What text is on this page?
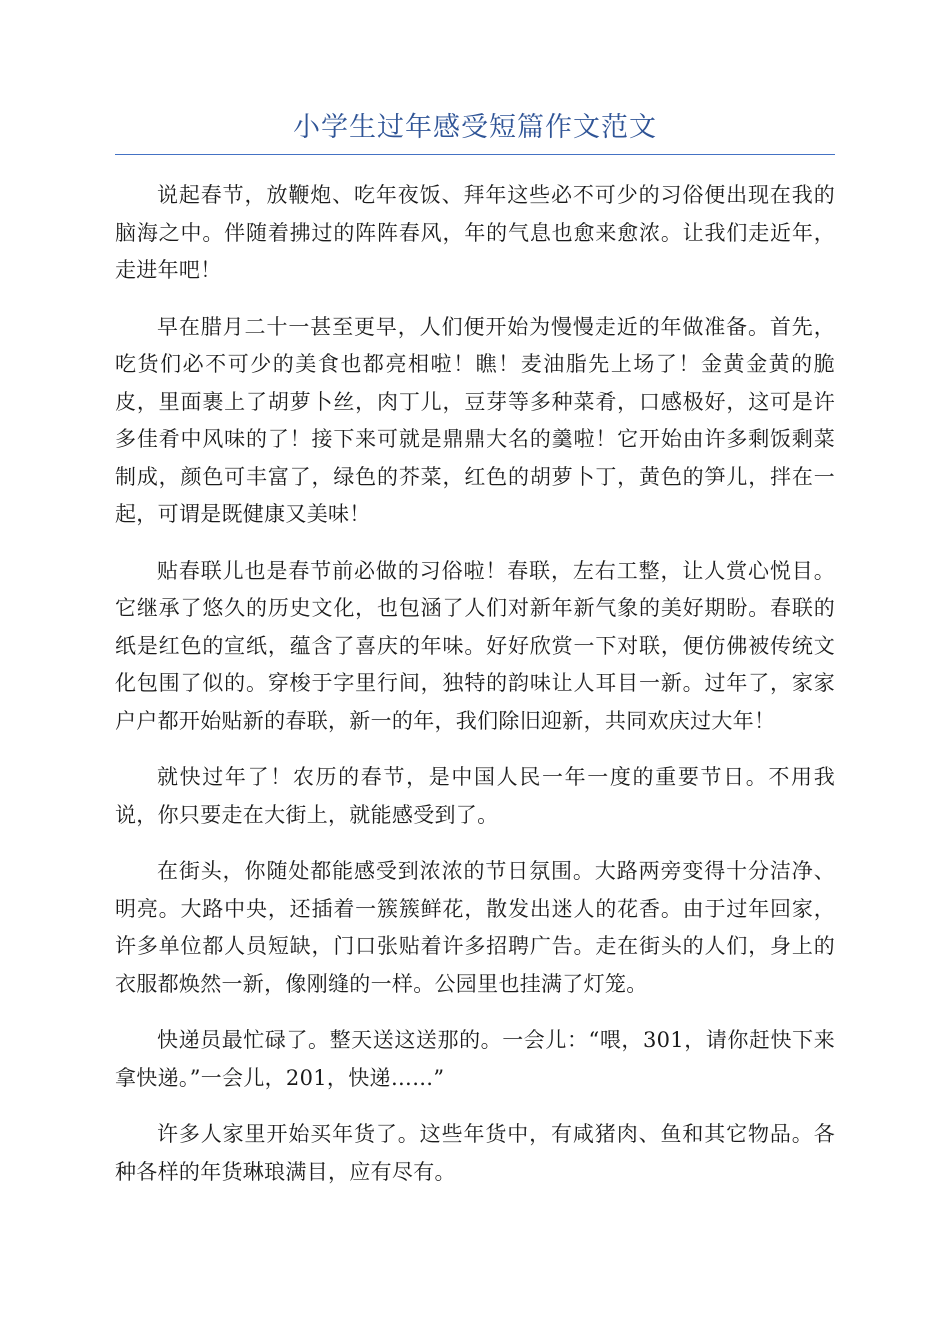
小学生过年感受短篇作文范文

说起春节，放鞭炮、吃年夜饭、拜年这些必不可少的习俗便出现在我的脑海之中。伴随着拂过的阵阵春风，年的气息也愈来愈浓。让我们走近年，走进年吧！

早在腊月二十一甚至更早，人们便开始为慢慢走近的年做准备。首先，吃货们必不可少的美食也都亮相啦！瞧！麦油脂先上场了！金黄金黄的脆皮，里面裹上了胡萝卜丝，肉丁儿，豆芽等多种菜肴，口感极好，这可是许多佳肴中风味的了！接下来可就是鼎鼎大名的羹啦！它开始由许多剩饭剩菜制成，颜色可丰富了，绿色的芥菜，红色的胡萝卜丁，黄色的笋儿，拌在一起，可谓是既健康又美味！

贴春联儿也是春节前必做的习俗啦！春联，左右工整，让人赏心悦目。它继承了悠久的历史文化，也包涵了人们对新年新气象的美好期盼。春联的纸是红色的宣纸，蕴含了喜庆的年味。好好欣赏一下对联，便仿佛被传统文化包围了似的。穿梭于字里行间，独特的韵味让人耳目一新。过年了，家家户户都开始贴新的春联，新一的年，我们除旧迎新，共同欢庆过大年！

就快过年了！农历的春节，是中国人民一年一度的重要节日。不用我说，你只要走在大街上，就能感受到了。

在街头，你随处都能感受到浓浓的节日氛围。大路两旁变得十分洁净、明亮。大路中央，还插着一簇簇鲜花，散发出迷人的花香。由于过年回家，许多单位都人员短缺，门口张贴着许多招聘广告。走在街头的人们，身上的衣服都焕然一新，像刚缝的一样。公园里也挂满了灯笼。

快递员最忙碌了。整天送这送那的。一会儿：“喂，301，请你赶快下来拿快递。”一会儿，201，快递……”

许多人家里开始买年货了。这些年货中，有咸猪肉、鱼和其它物品。各种各样的年货琳琅满目，应有尽有。
